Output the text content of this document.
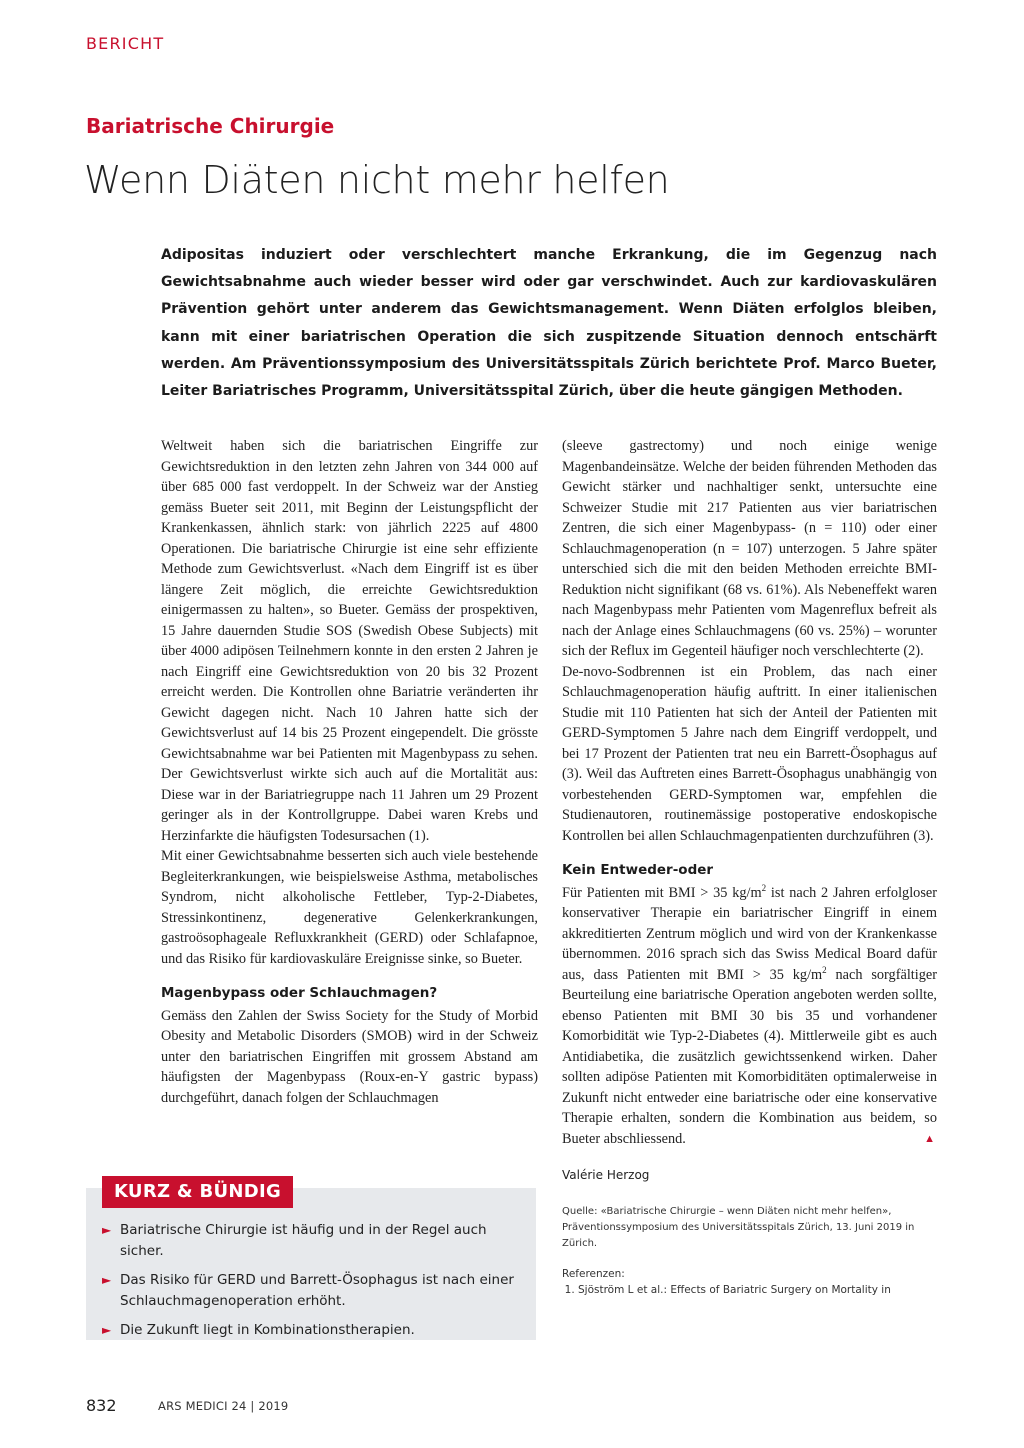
BERICHT
Bariatrische Chirurgie
Wenn Diäten nicht mehr helfen
Adipositas induziert oder verschlechtert manche Erkrankung, die im Gegenzug nach Gewichtsabnahme auch wieder besser wird oder gar verschwindet. Auch zur kardiovaskulären Prävention gehört unter anderem das Gewichtsmanagement. Wenn Diäten erfolglos bleiben, kann mit einer bariatrischen Operation die sich zuspitzende Situation dennoch entschärft werden. Am Präventionssymposium des Universitätsspitals Zürich berichtete Prof. Marco Bueter, Leiter Bariatrisches Programm, Universitätsspital Zürich, über die heute gängigen Methoden.

Weltweit haben sich die bariatrischen Eingriffe zur Gewichtsreduktion in den letzten zehn Jahren von 344 000 auf über 685 000 fast verdoppelt. In der Schweiz war der Anstieg gemäss Bueter seit 2011, mit Beginn der Leistungspflicht der Krankenkassen, ähnlich stark: von jährlich 2225 auf 4800 Operationen. Die bariatrische Chirurgie ist eine sehr effiziente Methode zum Gewichtsverlust. «Nach dem Eingriff ist es über längere Zeit möglich, die erreichte Gewichtsreduktion einigermassen zu halten», so Bueter. Gemäss der prospektiven, 15 Jahre dauernden Studie SOS (Swedish Obese Subjects) mit über 4000 adipösen Teilnehmern konnte in den ersten 2 Jahren je nach Eingriff eine Gewichtsreduktion von 20 bis 32 Prozent erreicht werden. Die Kontrollen ohne Bariatrie veränderten ihr Gewicht dagegen nicht. Nach 10 Jahren hatte sich der Gewichtsverlust auf 14 bis 25 Prozent eingependelt. Die grösste Gewichtsabnahme war bei Patienten mit Magenbypass zu sehen. Der Gewichtsverlust wirkte sich auch auf die Mortalität aus: Diese war in der Bariatriegruppe nach 11 Jahren um 29 Prozent geringer als in der Kontrollgruppe. Dabei waren Krebs und Herzinfarkte die häufigsten Todesursachen (1).

Mit einer Gewichtsabnahme besserten sich auch viele bestehende Begleiterkrankungen, wie beispielsweise Asthma, metabolisches Syndrom, nicht alkoholische Fettleber, Typ-2-Diabetes, Stressinkontinenz, degenerative Gelenkerkrankungen, gastroösophageale Refluxkrankheit (GERD) oder Schlafapnoe, und das Risiko für kardiovaskuläre Ereignisse sinke, so Bueter.

Magenbypass oder Schlauchmagen?

Gemäss den Zahlen der Swiss Society for the Study of Morbid Obesity and Metabolic Disorders (SMOB) wird in der Schweiz unter den bariatrischen Eingriffen mit grossem Abstand am häufigsten der Magenbypass (Roux-en-Y gastric bypass) durchgeführt, danach folgen der Schlauchmagen

(sleeve gastrectomy) und noch einige wenige Magenbandeinsätze. Welche der beiden führenden Methoden das Gewicht stärker und nachhaltiger senkt, untersuchte eine Schweizer Studie mit 217 Patienten aus vier bariatrischen Zentren, die sich einer Magenbypass- (n = 110) oder einer Schlauchmagenoperation (n = 107) unterzogen. 5 Jahre später unterschied sich die mit den beiden Methoden erreichte BMI-Reduktion nicht signifikant (68 vs. 61%). Als Nebeneffekt waren nach Magenbypass mehr Patienten vom Magenreflux befreit als nach der Anlage eines Schlauchmagens (60 vs. 25%) – worunter sich der Reflux im Gegenteil häufiger noch verschlechterte (2).

De-novo-Sodbrennen ist ein Problem, das nach einer Schlauchmagenoperation häufig auftritt. In einer italienischen Studie mit 110 Patienten hat sich der Anteil der Patienten mit GERD-Symptomen 5 Jahre nach dem Eingriff verdoppelt, und bei 17 Prozent der Patienten trat neu ein Barrett-Ösophagus auf (3). Weil das Auftreten eines Barrett-Ösophagus unabhängig von vorbestehenden GERD-Symptomen war, empfehlen die Studienautoren, routinemässige postoperative endoskopische Kontrollen bei allen Schlauchmagenpatienten durchzuführen (3).

Kein Entweder-oder

Für Patienten mit BMI > 35 $kg/m^2$ ist nach 2 Jahren erfolgloser konservativer Therapie ein bariatrischer Eingriff in einem akkreditierten Zentrum möglich und wird von der Krankenkasse übernommen. 2016 sprach sich das Swiss Medical Board dafür aus, dass Patienten mit BMI > 35 $kg/m^2$ nach sorgfältiger Beurteilung eine bariatrische Operation angeboten werden sollte, ebenso Patienten mit BMI 30 bis 35 und vorhandener Komorbidität wie Typ-2-Diabetes (4). Mittlerweile gibt es auch Antidiabetika, die zusätzlich gewichtssenkend wirken. Daher sollten adipöse Patienten mit Komorbiditäten optimalerweise in Zukunft nicht entweder eine bariatrische oder eine konservative Therapie erhalten, sondern die Kombination aus beidem, so Bueter abschliessend.	▲

Valérie Herzog
Quelle: «Bariatrische Chirurgie – wenn Diäten nicht mehr helfen», Präventionssymposium des Universitätsspitals Zürich, 13. Juni 2019 in Zürich.
Referenzen:
1. Sjöström L et al.: Effects of Bariatric Surgery on Mortality in
KURZ & BÜNDIG
► Bariatrische Chirurgie ist häufig und in der Regel auch sicher.
► Das Risiko für GERD und Barrett-Ösophagus ist nach einer Schlauchmagenoperation erhöht.
► Die Zukunft liegt in Kombinationstherapien.
832	ARS MEDICI 24 | 2019
